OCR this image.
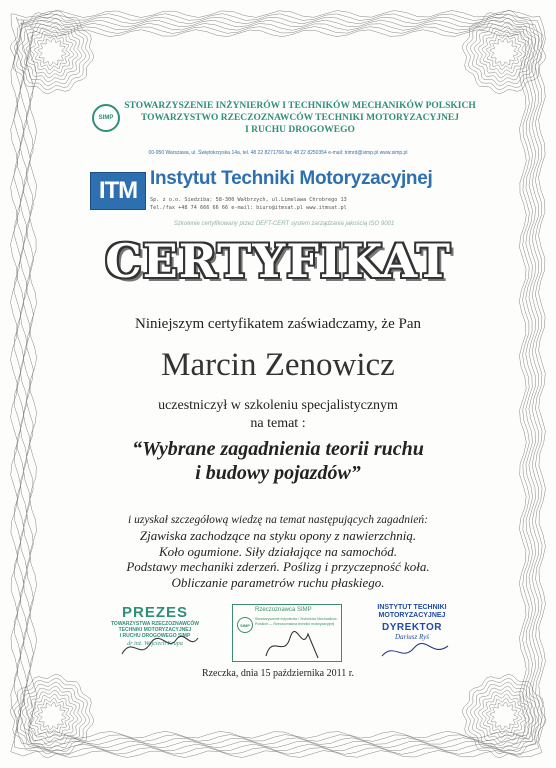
SIMP
STOWARZYSZENIE INŻYNIERÓW I TECHNIKÓW MECHANIKÓW POLSKICH
TOWARZYSTWO RZECZOZNAWCÓW TECHNIKI MOTORYZACYJNEJ
I RUCHU DROGOWEGO
00-950 Warszawa, ul. Świętokrzyska 14a, tel. 48 22 8271766 fax 48 22 8250354 e-mail: trimrd@simp.pl www.simp.pl
ITM Instytut Techniki Motoryzacyjnej
Sp. z o.o. Siedziba: 58-300 Wałbrzych, ul.Limelawa Chrobrego 13
Tel./fax +48 74 666 66 66 e-mail: biuro@itmsat.pl www.itmsat.pl
Szkolenie certyfikowany przez DEFT-CERT system zarządzania jakością ISO 9001
CERTYFIKAT
Niniejszym certyfikatem zaświadczamy, że Pan
Marcin Zenowicz
uczestniczył w szkoleniu specjalistycznym
na temat :
“Wybrane zagadnienia teorii ruchu
i budowy pojazdów”
i uzyskał szczegółową wiedzę na temat następujących zagadnień:
Zjawiska zachodzące na styku opony z nawierzchnią.
Koło ogumione. Siły działające na samochód.
Podstawy mechaniki zderzeń. Poślizg i przyczepność koła.
Obliczanie parametrów ruchu płaskiego.
PREZES
TOWARZYSTWA RZECZOZNAWCÓW
TECHNIKI MOTORYZACYJNEJ
I RUCHU DROGOWEGO SIMP
dr inż. Wojciech Krupa
Rzeczoznawca SIMP
SIMP
Stowarzyszenie Inżynierów i Techników Mechaników Polskich — Rzeczoznawca techniki motoryzacyjnej
INSTYTUT TECHNIKI
MOTORYZACYJNEJ
DYREKTOR
Dariusz Ryś
Rzeczka, dnia 15 października 2011 r.
